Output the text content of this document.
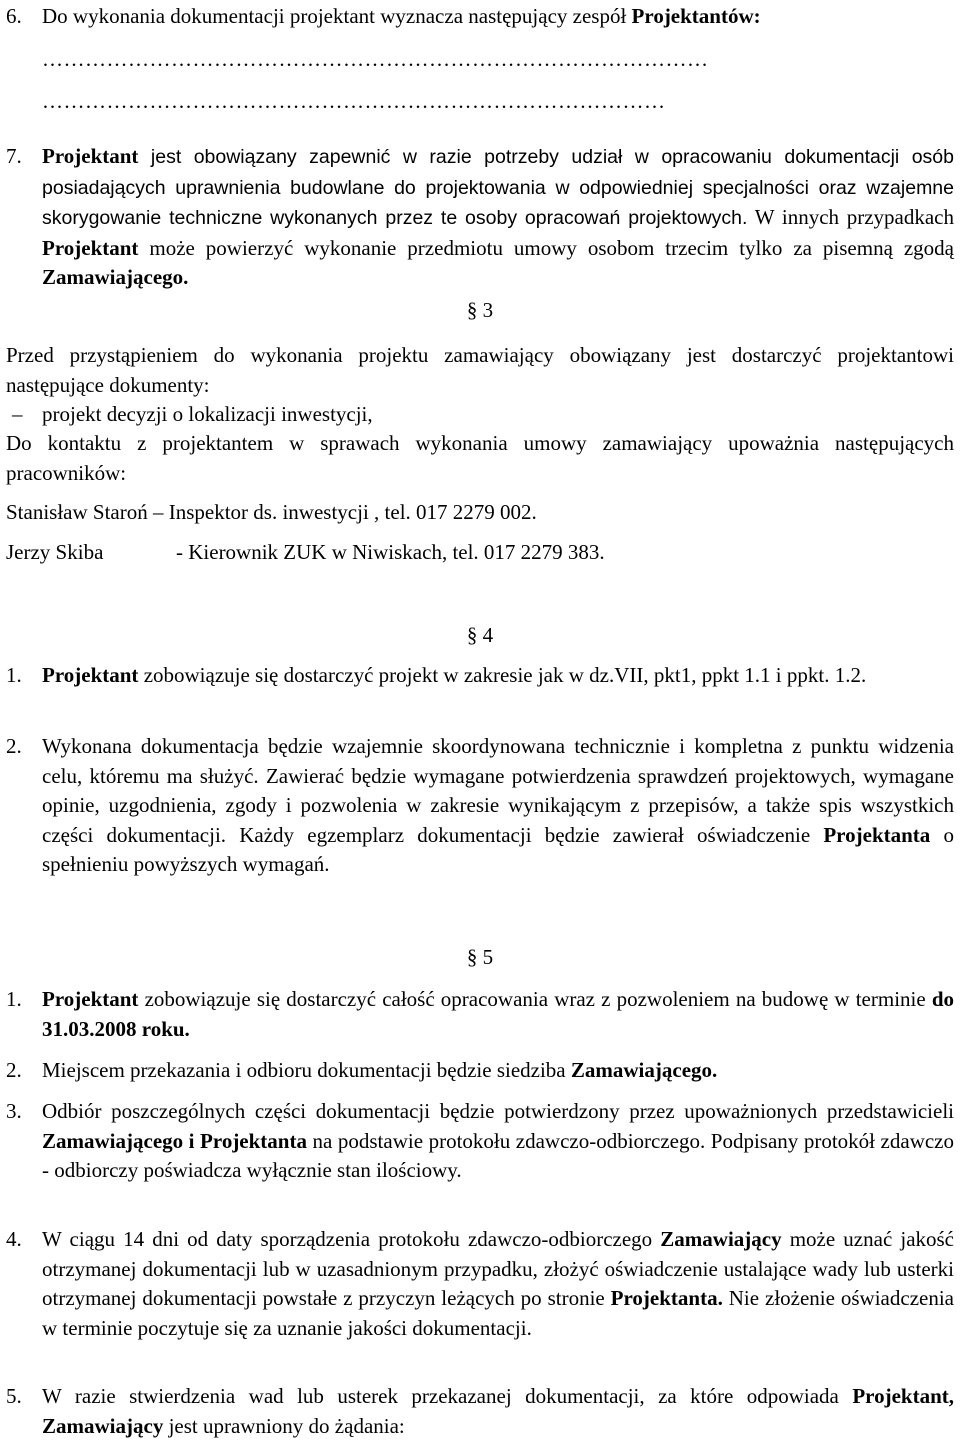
6. Do wykonania dokumentacji projektant wyznacza następujący zespół Projektantów:
…………………………………………………………………………………
……………………………………………………………………………
7. Projektant jest obowiązany zapewnić w razie potrzeby udział w opracowaniu dokumentacji osób posiadających uprawnienia budowlane do projektowania w odpowiedniej specjalności oraz wzajemne skorygowanie techniczne wykonanych przez te osoby opracowań projektowych. W innych przypadkach Projektant może powierzyć wykonanie przedmiotu umowy osobom trzecim tylko za pisemną zgodą Zamawiającego.
§ 3
Przed przystąpieniem do wykonania projektu zamawiający obowiązany jest dostarczyć projektantowi następujące dokumenty:
– projekt decyzji o lokalizacji inwestycji,
Do kontaktu z projektantem w sprawach wykonania umowy zamawiający upoważnia następujących pracowników:
Stanisław Staroń – Inspektor ds. inwestycji , tel. 017 2279 002.
Jerzy Skiba	- Kierownik ZUK w Niwiskach, tel. 017 2279 383.
§ 4
1. Projektant zobowiązuje się dostarczyć projekt w zakresie jak w dz.VII, pkt1, ppkt 1.1 i ppkt. 1.2.
2. Wykonana dokumentacja będzie wzajemnie skoordynowana technicznie i kompletna z punktu widzenia celu, któremu ma służyć. Zawierać będzie wymagane potwierdzenia sprawdzeń projektowych, wymagane opinie, uzgodnienia, zgody i pozwolenia w zakresie wynikającym z przepisów, a także spis wszystkich części dokumentacji. Każdy egzemplarz dokumentacji będzie zawierał oświadczenie Projektanta o spełnieniu powyższych wymagań.
§ 5
1. Projektant zobowiązuje się dostarczyć całość opracowania wraz z pozwoleniem na budowę w terminie do 31.03.2008 roku.
2. Miejscem przekazania i odbioru dokumentacji będzie siedziba Zamawiającego.
3. Odbiór poszczególnych części dokumentacji będzie potwierdzony przez upoważnionych przedstawicieli Zamawiającego i Projektanta na podstawie protokołu zdawczo-odbiorczego. Podpisany protokół zdawczo - odbiorczy poświadcza wyłącznie stan ilościowy.
4. W ciągu 14 dni od daty sporządzenia protokołu zdawczo-odbiorczego Zamawiający może uznać jakość otrzymanej dokumentacji lub w uzasadnionym przypadku, złożyć oświadczenie ustalające wady lub usterki otrzymanej dokumentacji powstałe z przyczyn leżących po stronie Projektanta. Nie złożenie oświadczenia w terminie poczytuje się za uznanie jakości dokumentacji.
5. W razie stwierdzenia wad lub usterek przekazanej dokumentacji, za które odpowiada Projektant, Zamawiający jest uprawniony do żądania:
